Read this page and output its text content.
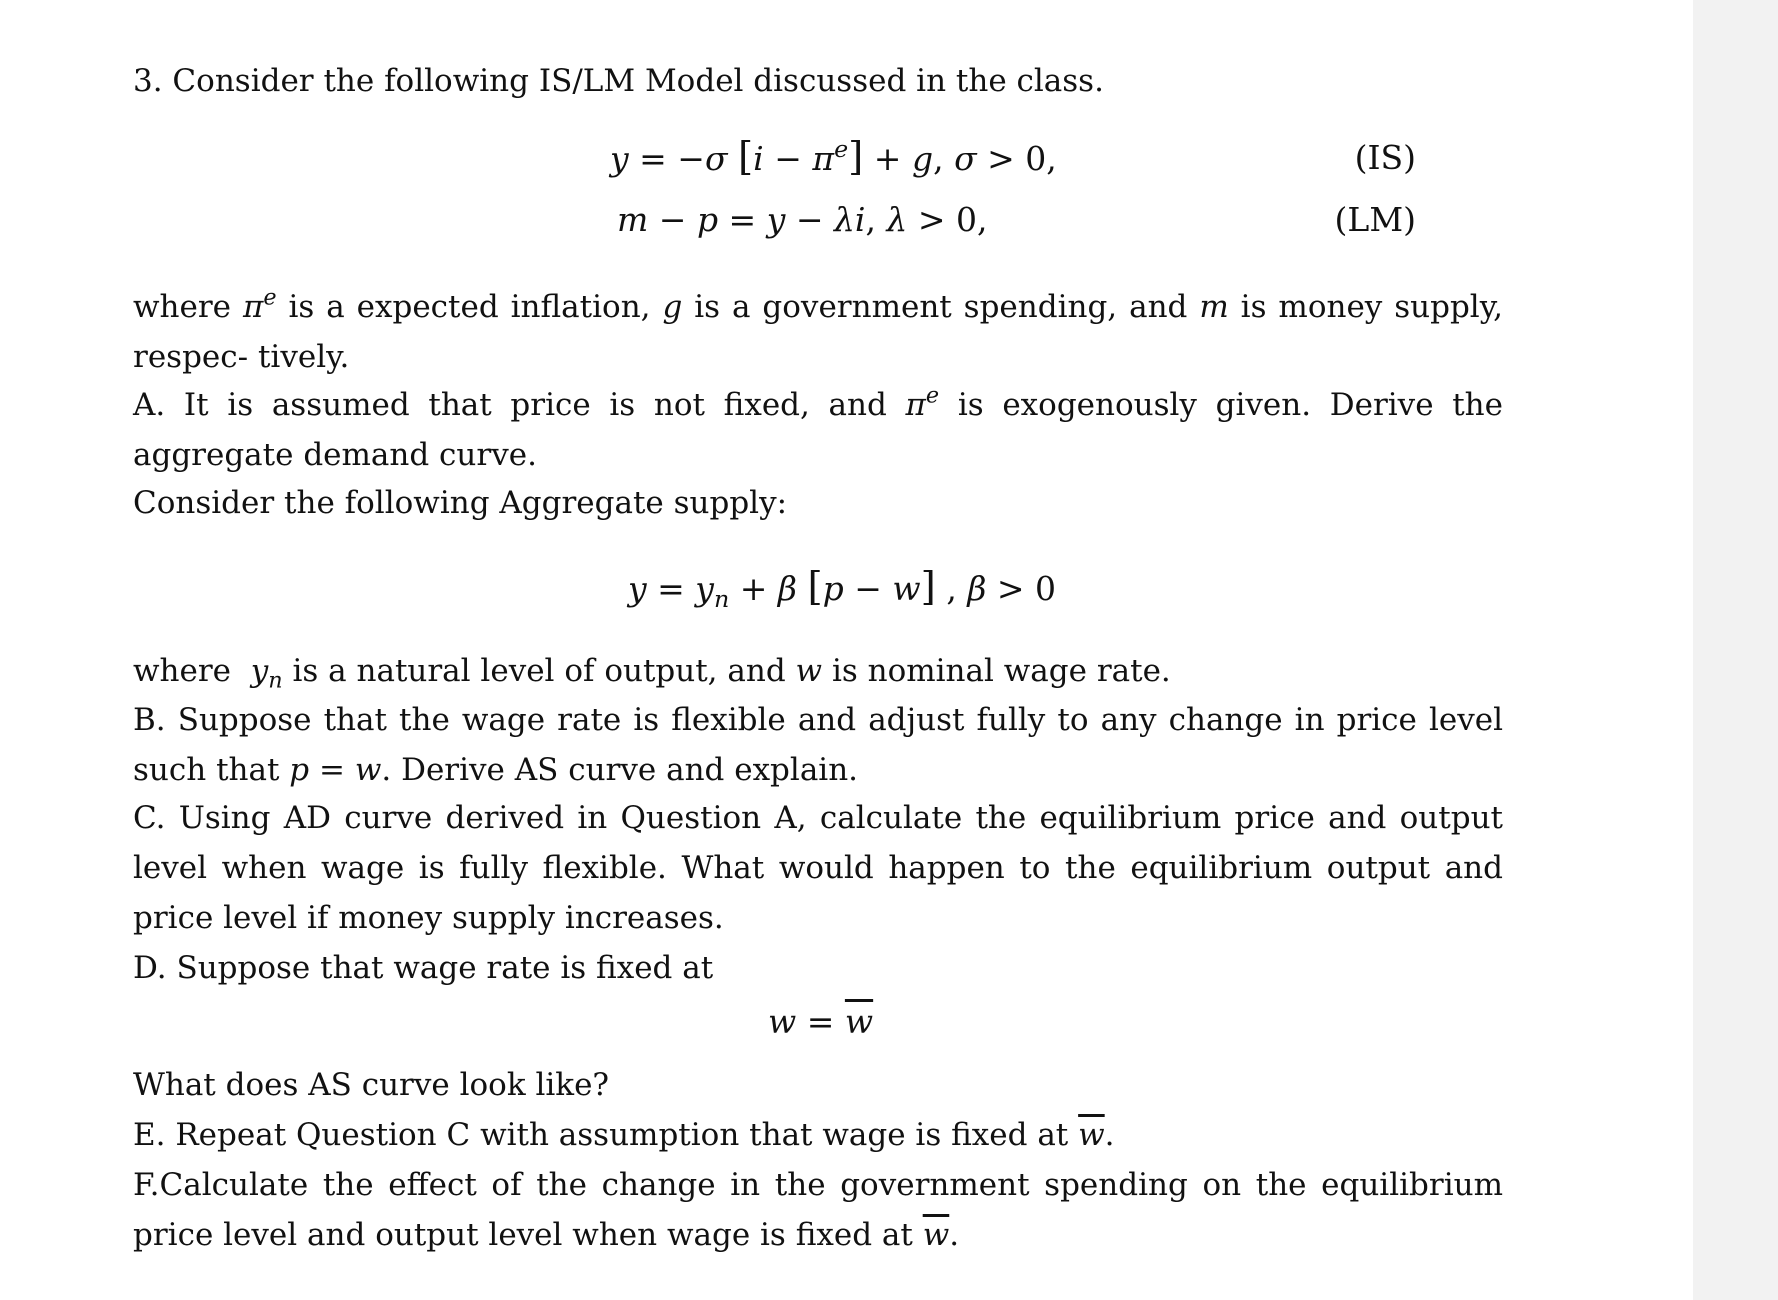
3. Consider the following IS/LM Model discussed in the class.

y = −σ $[i - \pi^e] + g$, σ > 0,	(IS)
m − p = y − λi, λ > 0,	(LM)

where $\pi^e$ is a expected inflation, g is a government spending, and m is money supply, respec- tively.

A. It is assumed that price is not fixed, and $\pi^e$ is exogenously given. Derive the aggregate demand curve.

Consider the following Aggregate supply:

$y = y_n + \beta$ [p − w] , β > 0

where $y_n$ is a natural level of output, and w is nominal wage rate.

B. Suppose that the wage rate is flexible and adjust fully to any change in price level such that p = w. Derive AS curve and explain.

C. Using AD curve derived in Question A, calculate the equilibrium price and output level when wage is fully flexible. What would happen to the equilibrium output and price level if money supply increases.

D. Suppose that wage rate is fixed at

$w = \overline{w}$

What does AS curve look like?

E. Repeat Question C with assumption that wage is fixed at $\overline{w}$.

F.Calculate the effect of the change in the government spending on the equilibrium price level and output level when wage is fixed at $\overline{w}$.
